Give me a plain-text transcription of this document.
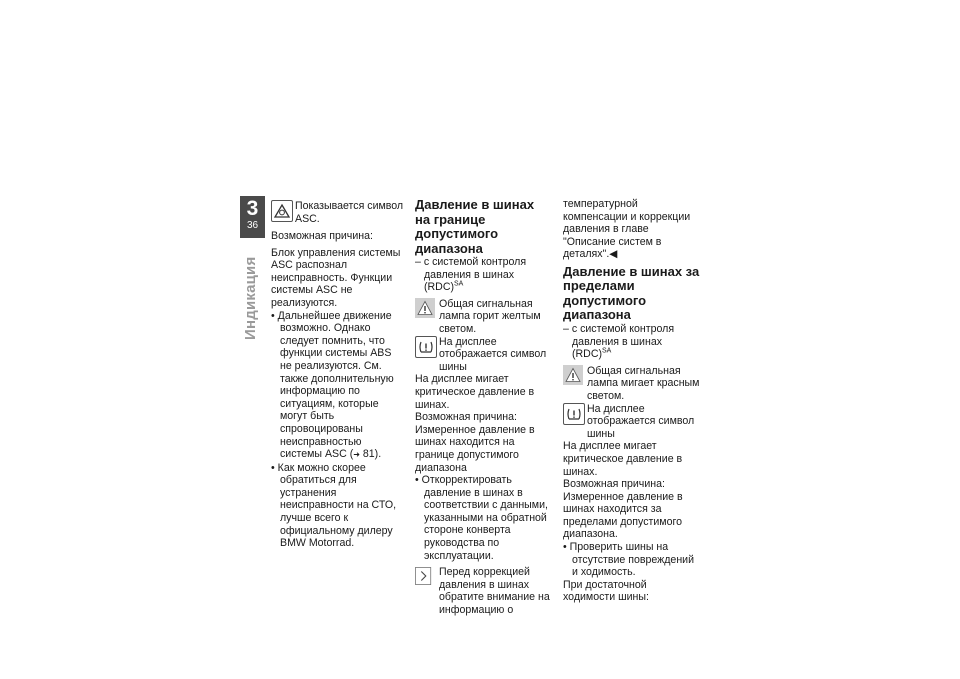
3
36
Индикация

Показывается символ

ASC.

Возможная причина:

Блок управления системы ASC распознал неисправность. Функции системы ASC не реализуются.

• Дальнейшее движение возможно. Однако следует помнить, что функции системы ABS не реализуются. См. также дополнительную информацию по ситуациям, которые могут быть спровоцированы неисправностью системы ASC (➜ 81).

• Как можно скорее обратиться для устранения неисправности на СТО, лучше всего к официальному дилеру BMW Motorrad.

Давление в шинах на границе допустимого диапазона

– с системой контроля давления в шинах (RDC)$^{SA}$

Общая сигнальная лампа горит желтым светом.

На дисплее отображается символ шины

На дисплее мигает критическое давление в шинах.

Возможная причина:

Измеренное давление в шинах находится на границе допустимого диапазона

• Откорректировать давление в шинах в соответствии с данными, указанными на обратной стороне конверта руководства по эксплуатации.

Перед коррекцией давления в шинах обратите внимание на информацию о

температурной компенсации и коррекции давления в главе "Описание систем в деталях".◀

Давление в шинах за пределами допустимого диапазона

– с системой контроля давления в шинах (RDC)$^{SA}$

Общая сигнальная лампа мигает красным светом.

На дисплее отображается символ шины

На дисплее мигает критическое давление в шинах.

Возможная причина:

Измеренное давление в шинах находится за пределами допустимого диапазона.

• Проверить шины на отсутствие повреждений и ходимость.

При достаточной ходимости шины:
